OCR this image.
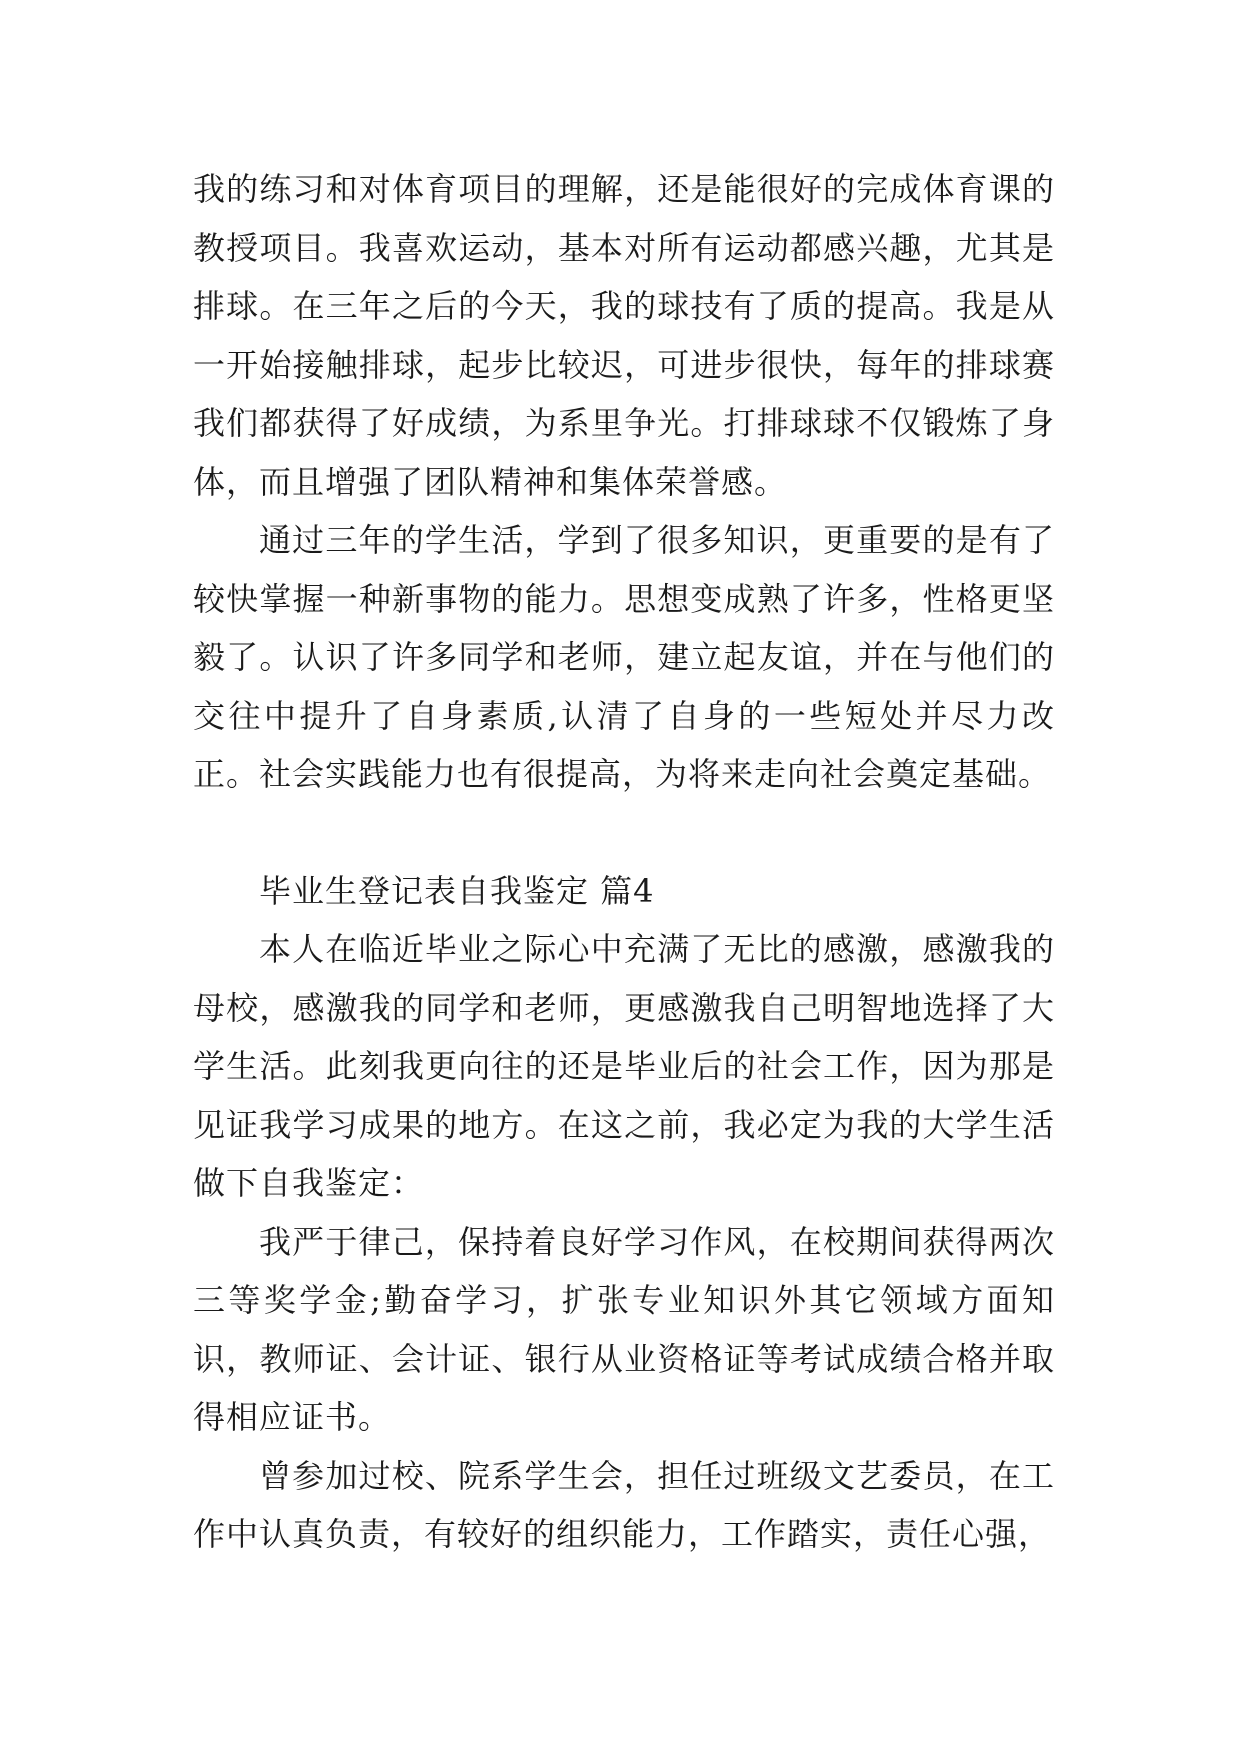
我的练习和对体育项目的理解，还是能很好的完成体育课的教授项目。我喜欢运动，基本对所有运动都感兴趣，尤其是排球。在三年之后的今天，我的球技有了质的提高。我是从一开始接触排球，起步比较迟，可进步很快，每年的排球赛我们都获得了好成绩，为系里争光。打排球球不仅锻炼了身体，而且增强了团队精神和集体荣誉感。

通过三年的学生活，学到了很多知识，更重要的是有了较快掌握一种新事物的能力。思想变成熟了许多，性格更坚毅了。认识了许多同学和老师，建立起友谊，并在与他们的交往中提升了自身素质,认清了自身的一些短处并尽力改正。社会实践能力也有很提高，为将来走向社会奠定基础。

毕业生登记表自我鉴定 篇4

本人在临近毕业之际心中充满了无比的感激，感激我的母校，感激我的同学和老师，更感激我自己明智地选择了大学生活。此刻我更向往的还是毕业后的社会工作，因为那是见证我学习成果的地方。在这之前，我必定为我的大学生活做下自我鉴定：

我严于律己，保持着良好学习作风，在校期间获得两次三等奖学金;勤奋学习，扩张专业知识外其它领域方面知识，教师证、会计证、银行从业资格证等考试成绩合格并取得相应证书。

曾参加过校、院系学生会，担任过班级文艺委员，在工作中认真负责，有较好的组织能力，工作踏实，责任心强，
